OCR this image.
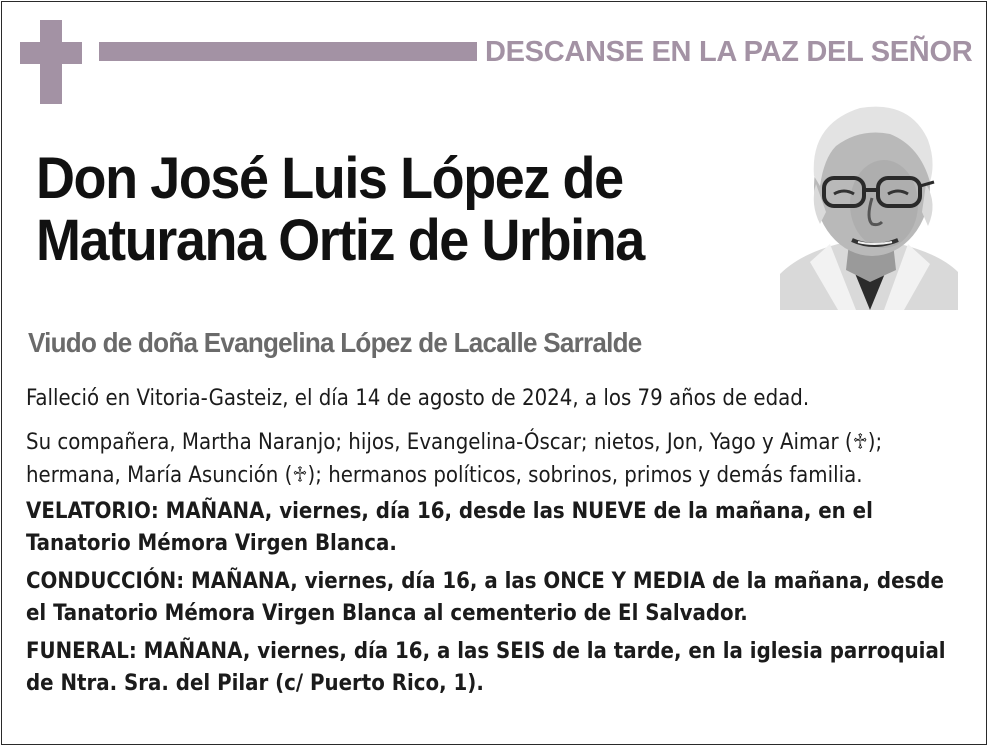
DESCANSE EN LA PAZ DEL SEÑOR
Don José Luis López de
Maturana Ortiz de Urbina

Viudo de doña Evangelina López de Lacalle Sarralde

Falleció en Vitoria-Gasteiz, el día 14 de agosto de 2024, a los 79 años de edad.

Su compañera, Martha Naranjo; hijos, Evangelina-Óscar; nietos, Jon, Yago y Aimar (♱); hermana, María Asunción (♱); hermanos políticos, sobrinos, primos y demás familia.

VELATORIO: MAÑANA, viernes, día 16, desde las NUEVE de la mañana, en el Tanatorio Mémora Virgen Blanca.

CONDUCCIÓN: MAÑANA, viernes, día 16, a las ONCE Y MEDIA de la mañana, desde el Tanatorio Mémora Virgen Blanca al cementerio de El Salvador.

FUNERAL: MAÑANA, viernes, día 16, a las SEIS de la tarde, en la iglesia parroquial de Ntra. Sra. del Pilar (c/ Puerto Rico, 1).
